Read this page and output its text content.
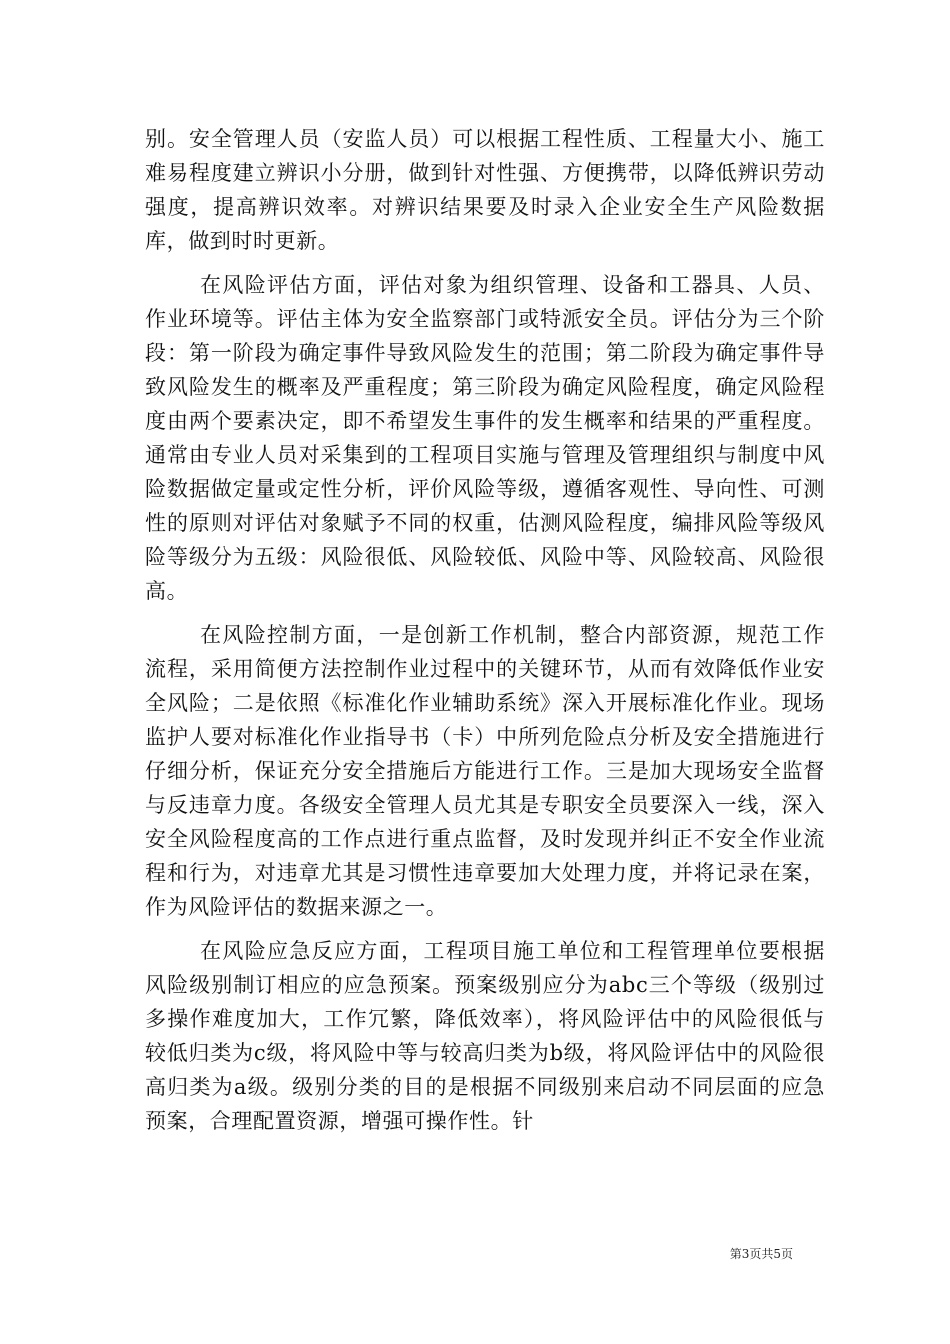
别。安全管理人员（安监人员）可以根据工程性质、工程量大小、施工难易程度建立辨识小分册，做到针对性强、方便携带，以降低辨识劳动强度，提高辨识效率。对辨识结果要及时录入企业安全生产风险数据库，做到时时更新。

在风险评估方面，评估对象为组织管理、设备和工器具、人员、作业环境等。评估主体为安全监察部门或特派安全员。评估分为三个阶段：第一阶段为确定事件导致风险发生的范围；第二阶段为确定事件导致风险发生的概率及严重程度；第三阶段为确定风险程度，确定风险程度由两个要素决定，即不希望发生事件的发生概率和结果的严重程度。通常由专业人员对采集到的工程项目实施与管理及管理组织与制度中风险数据做定量或定性分析，评价风险等级，遵循客观性、导向性、可测性的原则对评估对象赋予不同的权重，估测风险程度，编排风险等级风险等级分为五级：风险很低、风险较低、风险中等、风险较高、风险很高。

在风险控制方面，一是创新工作机制，整合内部资源，规范工作流程，采用简便方法控制作业过程中的关键环节，从而有效降低作业安全风险；二是依照《标准化作业辅助系统》深入开展标准化作业。现场监护人要对标准化作业指导书（卡）中所列危险点分析及安全措施进行仔细分析，保证充分安全措施后方能进行工作。三是加大现场安全监督与反违章力度。各级安全管理人员尤其是专职安全员要深入一线，深入安全风险程度高的工作点进行重点监督，及时发现并纠正不安全作业流程和行为，对违章尤其是习惯性违章要加大处理力度，并将记录在案，作为风险评估的数据来源之一。

在风险应急反应方面，工程项目施工单位和工程管理单位要根据风险级别制订相应的应急预案。预案级别应分为abc三个等级（级别过多操作难度加大，工作冗繁，降低效率），将风险评估中的风险很低与较低归类为c级，将风险中等与较高归类为b级，将风险评估中的风险很高归类为a级。级别分类的目的是根据不同级别来启动不同层面的应急预案，合理配置资源，增强可操作性。针

第3页共5页
